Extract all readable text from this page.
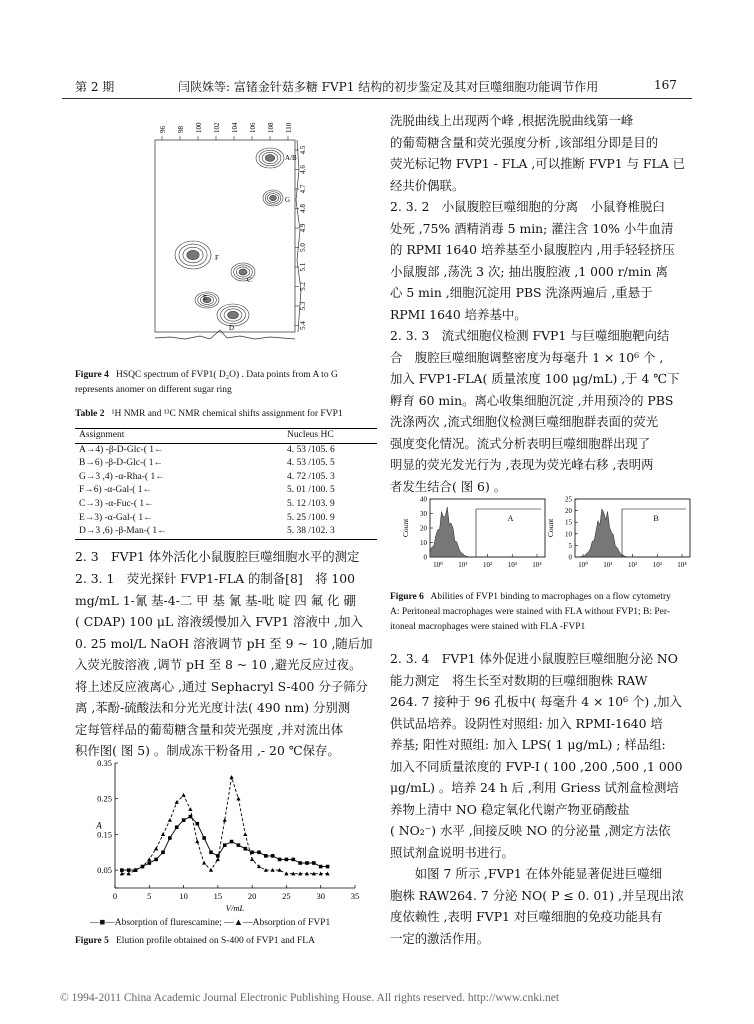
第 2 期	闫陕姝等: 富锗金针菇多糖 FVP1 结构的初步鉴定及其对巨噬细胞功能调节作用	167
96 98 100 102 104 106 108 110
4.5
4.6
4.7
4.8
4.9
5.0
5.1
5.2
5.3
5.4
A/B
G
F
C
E
D
Figure 4 HSQC spectrum of FVP1( D₂O) . Data points from A to G
represents anomer on different sugar ring
Table 2 ¹H NMR and ¹³C NMR chemical shifts assignment for FVP1
Assignment	Nucleus HC
A→4) -β-D-Glc-( 1←	4. 53 /105. 6
B→6) -β-D-Glc-( 1←	4. 53 /105. 5
G→3 ,4) -α-Rha-( 1←	4. 72 /105. 3
F→6) -α-Gal-( 1←	5. 01 /100. 5
C→3) -α-Fuc-( 1←	5. 12 /103. 9
E→3) -α-Gal-( 1←	5. 25 /100. 9
D→3 ,6) -β-Man-( 1←	5. 38 /102. 3
2. 3　FVP1 体外活化小鼠腹腔巨噬细胞水平的测定
2. 3. 1　荧光探针 FVP1-FLA 的制备[8]　将 100
mg/mL 1-氰 基-4-二 甲 基 氰 基-吡 啶 四 氟 化 硼
( CDAP) 100 μL 溶液缓慢加入 FVP1 溶液中 ,加入
0. 25 mol/L NaOH 溶液调节 pH 至 9 ~ 10 ,随后加
入荧光胺溶液 ,调节 pH 至 8 ~ 10 ,避光反应过夜。
将上述反应液离心 ,通过 Sephacryl S-400 分子筛分
离 ,苯酚-硫酸法和分光光度计法( 490 nm) 分别测
定每管样品的葡萄糖含量和荧光强度 ,并对流出体
积作图( 图 5) 。制成冻干粉备用 ,- 20 ℃保存。
0	5	10	15	20	25	30	35
0.05
0.15
0.25
0.35
V/mL
A
—■—Absorption of flurescamine; —▲—Absorption of FVP1
Figure 5 Elution profile obtained on S-400 of FVP1 and FLA
洗脱曲线上出现两个峰 ,根据洗脱曲线第一峰
的葡萄糖含量和荧光强度分析 ,该部组分即是目的
荧光标记物 FVP1 - FLA ,可以推断 FVP1 与 FLA 已
经共价偶联。
2. 3. 2　小鼠腹腔巨噬细胞的分离　小鼠脊椎脱臼
处死 ,75% 酒精消毒 5 min; 灌注含 10% 小牛血清
的 RPMI 1640 培养基至小鼠腹腔内 ,用手轻轻挤压
小鼠腹部 ,荡洗 3 次; 抽出腹腔液 ,1 000 r/min 离
心 5 min ,细胞沉淀用 PBS 洗涤两遍后 ,重悬于
RPMI 1640 培养基中。
2. 3. 3　流式细胞仪检测 FVP1 与巨噬细胞靶向结
合　腹腔巨噬细胞调整密度为每毫升 1 × 10⁶ 个 ,
加入 FVP1-FLA( 质量浓度 100 μg/mL) ,于 4 ℃下
孵育 60 min。离心收集细胞沉淀 ,并用预冷的 PBS
洗涤两次 ,流式细胞仪检测巨噬细胞群表面的荧光
强度变化情况。流式分析表明巨噬细胞群出现了
明显的荧光发光行为 ,表现为荧光峰右移 ,表明两
者发生结合( 图 6) 。
Count
0
10
20
30
40
10⁰ 10¹ 10² 10³ 10⁴
A
Count
0
5
10
15
20
25
10⁰ 10¹ 10² 10³ 10⁴
B
Figure 6 Abilities of FVP1 binding to macrophages on a flow cytometry
A: Peritoneal macrophages were stained with FLA without FVP1; B: Per-
itoneal macrophages were stained with FLA -FVP1
2. 3. 4　FVP1 体外促进小鼠腹腔巨噬细胞分泌 NO
能力测定　将生长至对数期的巨噬细胞株 RAW
264. 7 接种于 96 孔板中( 每毫升 4 × 10⁶ 个) ,加入
供试品培养。设阴性对照组: 加入 RPMI-1640 培
养基; 阳性对照组: 加入 LPS( 1 μg/mL) ; 样品组:
加入不同质量浓度的 FVP-I ( 100 ,200 ,500 ,1 000
μg/mL) 。培养 24 h 后 ,利用 Griess 试剂盒检测培
养物上清中 NO 稳定氧化代谢产物亚硝酸盐
( NO₂⁻) 水平 ,间接反映 NO 的分泌量 ,测定方法依
照试剂盒说明书进行。
　　如图 7 所示 ,FVP1 在体外能显著促进巨噬细
胞株 RAW264. 7 分泌 NO( P ≤ 0. 01) ,并呈现出浓
度依赖性 ,表明 FVP1 对巨噬细胞的免疫功能具有
一定的激活作用。
© 1994-2011 China Academic Journal Electronic Publishing House. All rights reserved. http://www.cnki.net
